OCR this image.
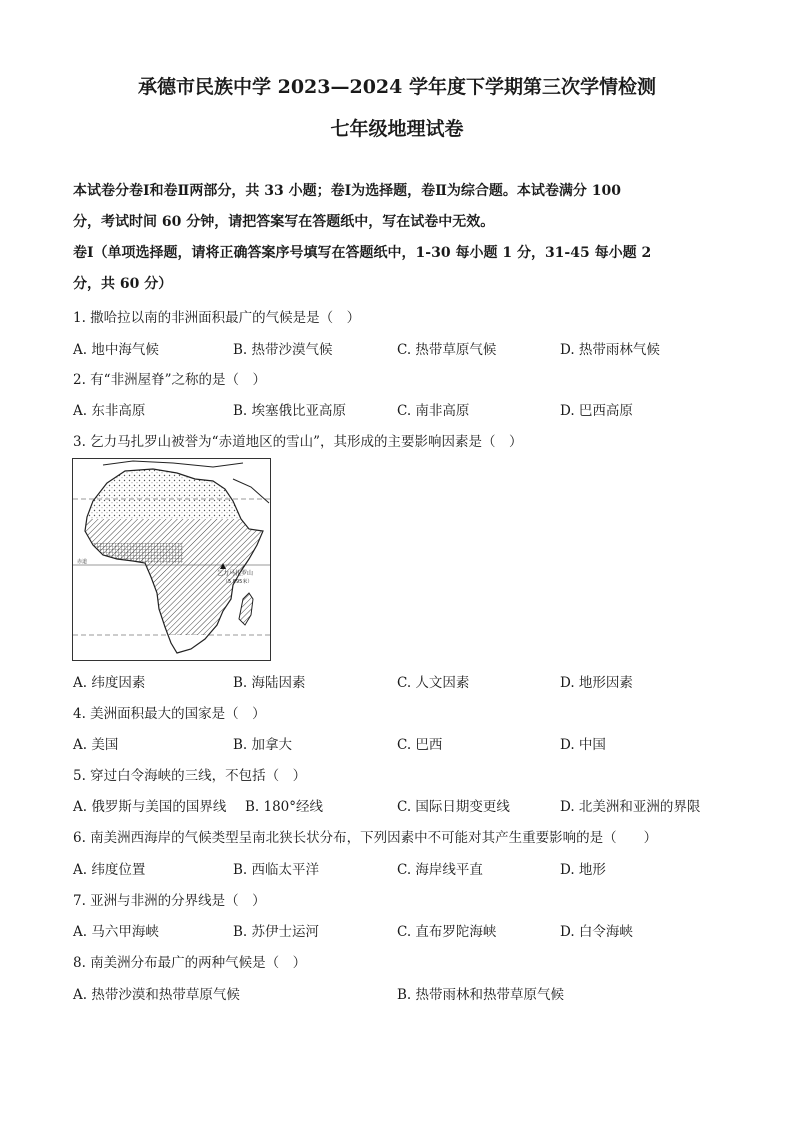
承德市民族中学 2023—2024 学年度下学期第三次学情检测
七年级地理试卷
本试卷分卷Ⅰ和卷Ⅱ两部分，共 33 小题；卷Ⅰ为选择题，卷Ⅱ为综合题。本试卷满分 100
分，考试时间 60 分钟，请把答案写在答题纸中，写在试卷中无效。
卷Ⅰ（单项选择题，请将正确答案序号填写在答题纸中，1-30 每小题 1 分，31-45 每小题 2
分，共 60 分）
1. 撒哈拉以南的非洲面积最广的气候是是（　）
A. 地中海气候	B. 热带沙漠气候	C. 热带草原气候	D. 热带雨林气候
2. 有“非洲屋脊”之称的是（　）
A. 东非高原	B. 埃塞俄比亚高原	C. 南非高原	D. 巴西高原
3. 乞力马扎罗山被誉为“赤道地区的雪山”，其形成的主要影响因素是（　）
赤道
乞力马扎罗山
（5 895米）
A. 纬度因素	B. 海陆因素	C. 人文因素	D. 地形因素
4. 美洲面积最大的国家是（　）
A. 美国	B. 加拿大	C. 巴西	D. 中国
5. 穿过白令海峡的三线，不包括（　）
A. 俄罗斯与美国的国界线 B. 180°经线	C. 国际日期变更线	D. 北美洲和亚洲的界限
6. 南美洲西海岸的气候类型呈南北狭长状分布，下列因素中不可能对其产生重要影响的是（　　）
A. 纬度位置	B. 西临太平洋	C. 海岸线平直	D. 地形
7. 亚洲与非洲的分界线是（　）
A. 马六甲海峡	B. 苏伊士运河	C. 直布罗陀海峡	D. 白令海峡
8. 南美洲分布最广的两种气候是（　）
A. 热带沙漠和热带草原气候	B. 热带雨林和热带草原气候
